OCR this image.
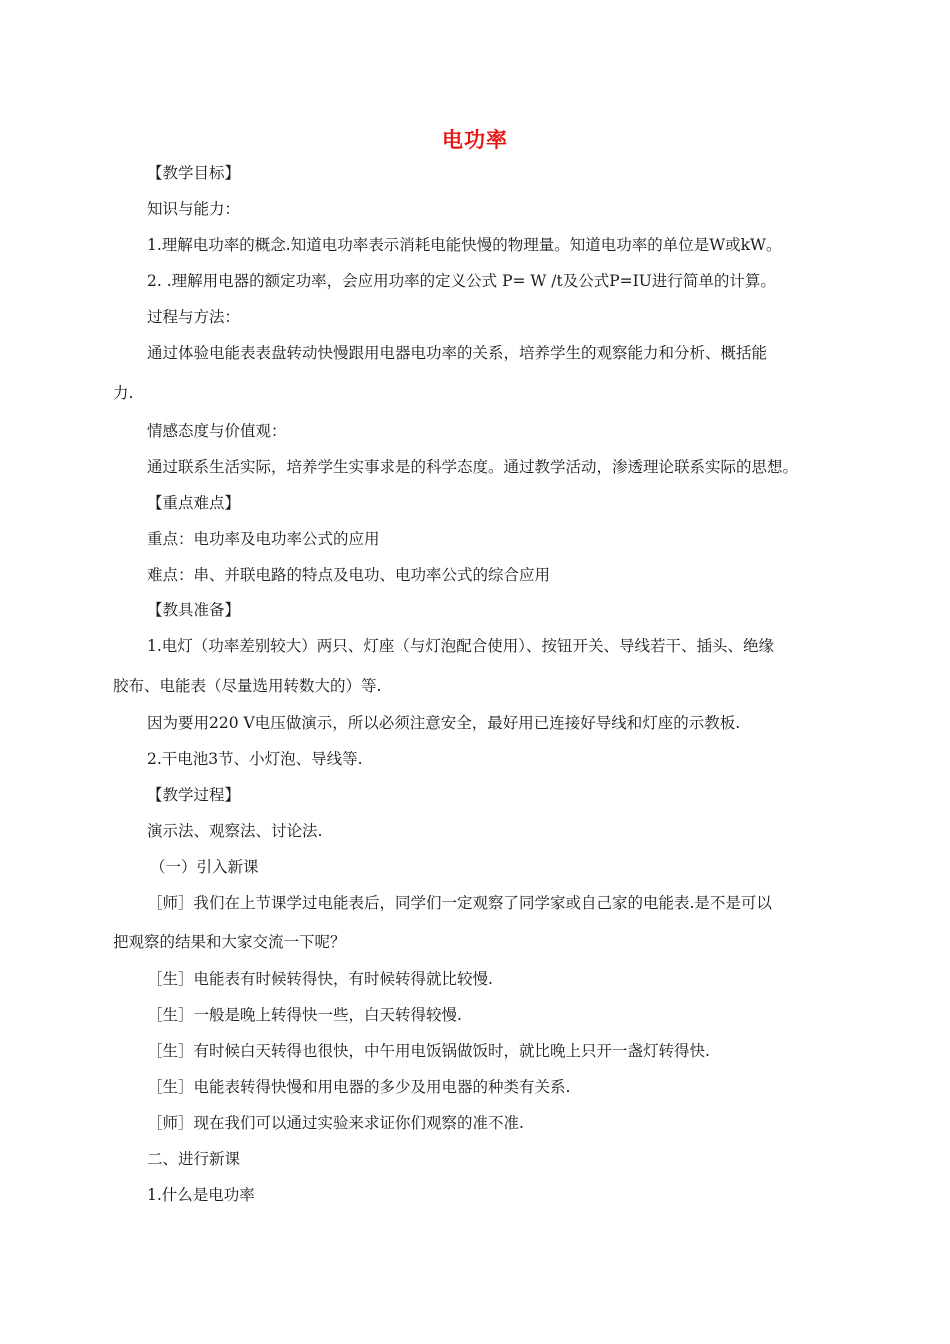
电功率
【教学目标】
知识与能力：
1.理解电功率的概念.知道电功率表示消耗电能快慢的物理量。知道电功率的单位是W或kW。
2. .理解用电器的额定功率，会应用功率的定义公式 P= W /t及公式P=IU进行简单的计算。
过程与方法：
通过体验电能表表盘转动快慢跟用电器电功率的关系，培养学生的观察能力和分析、概括能
力.
情感态度与价值观：
通过联系生活实际，培养学生实事求是的科学态度。通过教学活动，渗透理论联系实际的思想。
【重点难点】
重点：电功率及电功率公式的应用
难点：串、并联电路的特点及电功、电功率公式的综合应用
【教具准备】
1.电灯（功率差别较大）两只、灯座（与灯泡配合使用）、按钮开关、导线若干、插头、绝缘
胶布、电能表（尽量选用转数大的）等.
因为要用220 V电压做演示，所以必须注意安全，最好用已连接好导线和灯座的示教板.
2.干电池3节、小灯泡、导线等.
【教学过程】
演示法、观察法、讨论法.
（一）引入新课
［师］我们在上节课学过电能表后，同学们一定观察了同学家或自己家的电能表.是不是可以
把观察的结果和大家交流一下呢？
［生］电能表有时候转得快，有时候转得就比较慢.
［生］一般是晚上转得快一些，白天转得较慢.
［生］有时候白天转得也很快，中午用电饭锅做饭时，就比晚上只开一盏灯转得快.
［生］电能表转得快慢和用电器的多少及用电器的种类有关系.
［师］现在我们可以通过实验来求证你们观察的准不准.
二、进行新课
1.什么是电功率
